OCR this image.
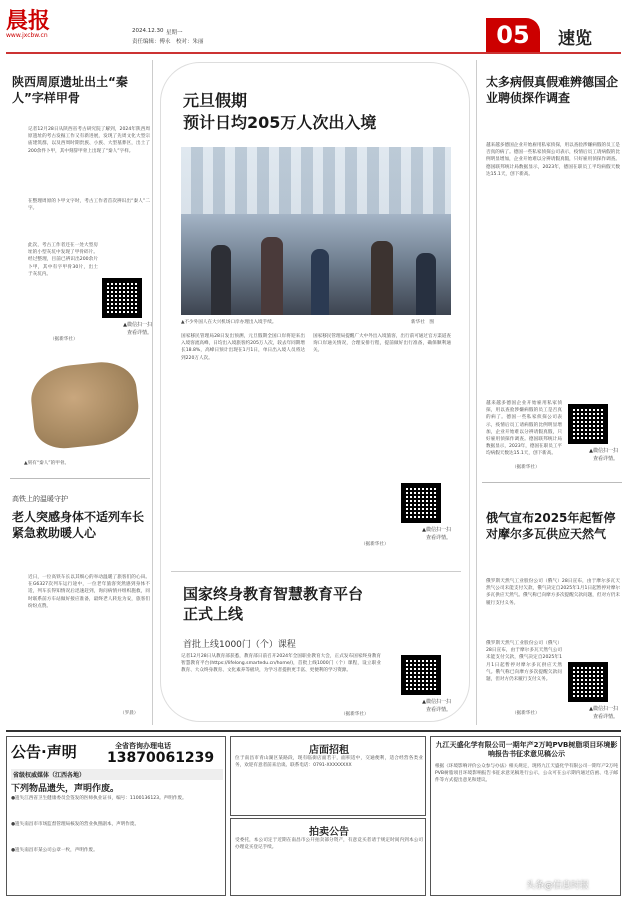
晨报
www.jxcbw.cn
2024.12.30 星期一
责任编辑：傅永 校对：朱丽	05	速览
陕西周原遗址出土“秦人”字样甲骨
记者12月28日从陕西省考古研究院了解到，2024年陕西周原遗址的考古发掘工作又有新进展，发现了先周文化大型宗庙建筑群，以及西周时期贵族、小族、大型墓葬区，出土了200余件卜甲，其中刻辞甲骨上出现了“秦人”字样。
在整理周原的卜甲文字时，考古工作者首次辨识出“秦人”二字。
此次，考古工作者还在一处大型房址的小型灰坑中发现了甲骨碎片。经过整理，目前已辨识出200余片卜甲，其中有字甲骨30片，出土于灰坑内。
（据新华社）
▲微信扫一扫
查看详情。
▲刻有“秦人”的甲骨。
高铁上的温暖守护
老人突感身体不适列车长紧急救助暖人心
近日，一位高铁车长以其细心的举动温暖了旅客们的心田。在G6327次列车运行途中，一位老年旅客突然感到身体不适，列车长得知情况后迅速赶到，询问病情并组织施救，同时联系前方车站做好接应准备，最终老人转危为安，旅客们纷纷点赞。
（罗晨）
元旦假期
预计日均205万人次出入境
▲不少外国人在大兴机场口岸办理出入境手续。	新华社　图
国家移民管理局28日发出预测，元旦假期全国口岸将迎来出入境客流高峰，日均出入境旅客约205万人次，较去年同期增长18.8%，高峰日预计出现在1月1日，单日出入境人员将达到220万人次。
国家移民管理局提醒广大中外出入境旅客，出行前可通过官方渠道查询口岸通关情况，合理安排行程，提前做好出行准备，确保顺利通关。
（据新华社）
▲微信扫一扫
查看详情。
国家终身教育智慧教育平台
正式上线
首批上线1000门（个）课程
记者12月28日从教育部获悉，教育部日前召开2024年全国职业教育大会，正式发布国家终身教育智慧教育平台(https://lifelong.smartedu.cn/home/)，首批上线1000门（个）课程，设立职业教育、大众终身教育、文化素养等板块，为学习者提供更丰富、更便利的学习资源。
（据新华社）
▲微信扫一扫
查看详情。
太多病假真假难辨德国企业聘侦探作调查
越来越多德国企业开始雇用私家侦探，用以查验涉嫌病假的员工是否真的病了。德国一些私家侦探公司表示，疫情后员工请病假的比例明显增加，企业开始难以分辨请假真假，只好雇用侦探作调查。德国联邦统计局数据显示，2023年，德国在职员工平均病假天数达15.1天，创下新高。
越来越多德国企业开始雇用私家侦探，用以查验涉嫌病假的员工是否真的病了。德国一些私家侦探公司表示，疫情后员工请病假的比例明显增加，企业开始难以分辨请假真假，只好雇用侦探作调查。德国联邦统计局数据显示，2023年，德国在职员工平均病假天数达15.1天，创下新高。
（据新华社）
▲微信扫一扫
查看详情。
俄气宣布2025年起暂停对摩尔多瓦供应天然气
俄罗斯天然气工业股份公司（俄气）28日宣布，由于摩尔多瓦天然气公司未能支付欠款，俄气决定自2025年1月1日起暂停对摩尔多瓦供应天然气。俄气称已向摩方多次提醒欠款问题，但对方仍未履行支付义务。
俄罗斯天然气工业股份公司（俄气）28日宣布，由于摩尔多瓦天然气公司未能支付欠款，俄气决定自2025年1月1日起暂停对摩尔多瓦供应天然气。俄气称已向摩方多次提醒欠款问题，但对方仍未履行支付义务。
（据新华社）
▲微信扫一扫
查看详情。
公告·声明	全省咨询办理电话
13870061239
省级权威媒体（江西各地）
下列物品遗失，声明作废。
●遗失江西省卫生健康委员会签发的医师执业证书，编号：1100136123。声明作废。
●遗失南昌市市场监督管理局核发的营业执照副本，声明作废。
●遗失南昌市某公司公章一枚，声明作废。
店面招租
位于南昌市青山湖区某路段，现有临街店面若干，面积适中，交通便利，适合经营各类业务，欢迎有意者前来洽谈。联系电话：0791-XXXXXXXX
拍卖公告
受委托，本公司定于近期在南昌市公开拍卖部分资产，有意竞买者请于规定时间内到本公司办理竞买登记手续。
九江天盛化学有限公司一期年产2万吨PVB树脂项目环境影响报告书征求意见稿公示
根据《环境影响评价公众参与办法》相关规定，现将九江天盛化学有限公司一期年产2万吨PVB树脂项目环境影响报告书征求意见稿进行公示，公众可在公示期内通过信函、电子邮件等方式提出意见和建议。
头条@信息时报
